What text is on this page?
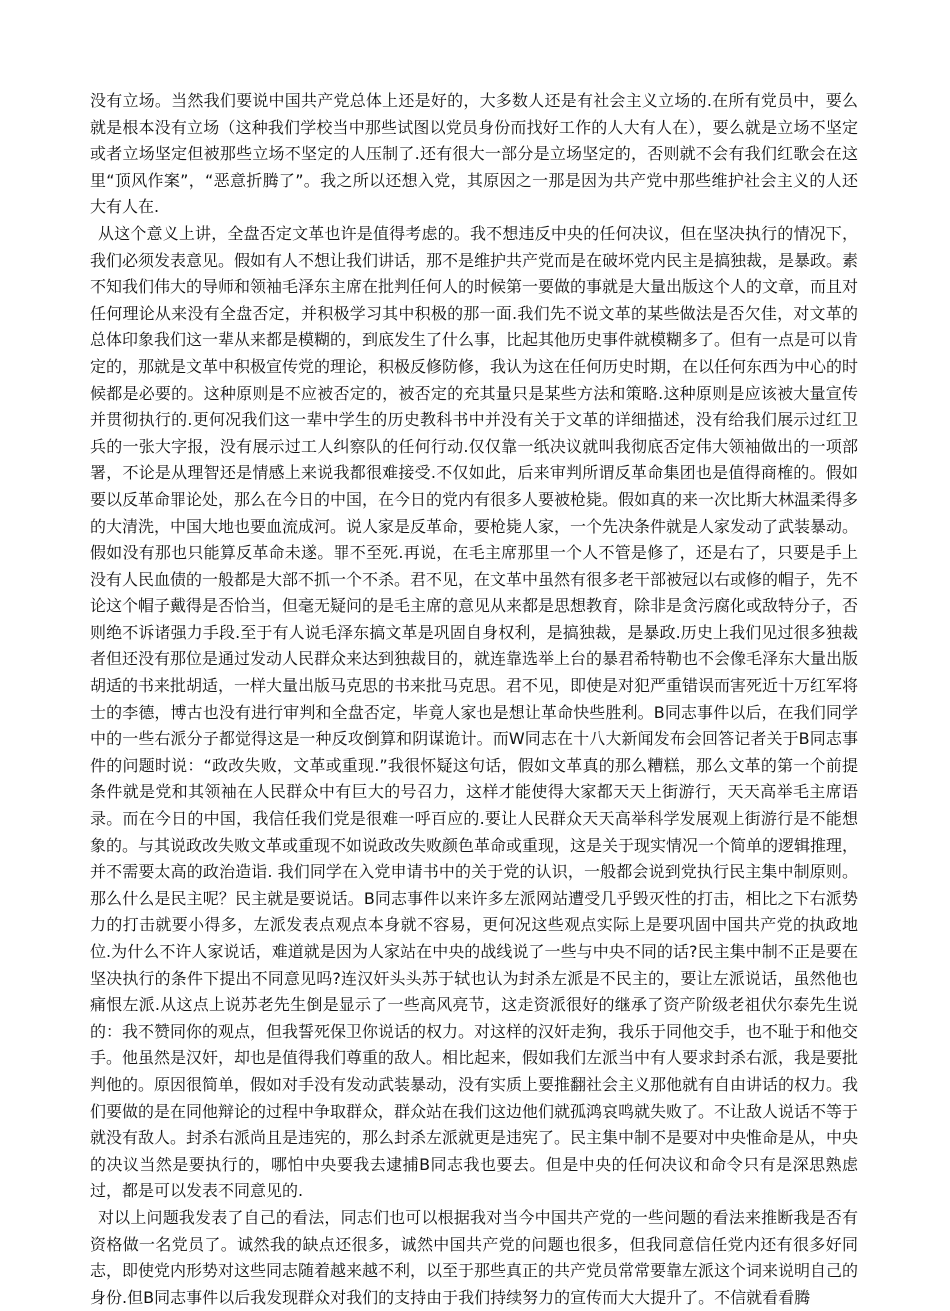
没有立场。当然我们要说中国共产党总体上还是好的，大多数人还是有社会主义立场的.在所有党员中，要么就是根本没有立场（这种我们学校当中那些试图以党员身份而找好工作的人大有人在），要么就是立场不坚定或者立场坚定但被那些立场不坚定的人压制了.还有很大一部分是立场坚定的，否则就不会有我们红歌会在这里“顶风作案”，“恶意折腾了”。我之所以还想入党，其原因之一那是因为共产党中那些维护社会主义的人还大有人在.

从这个意义上讲，全盘否定文革也许是值得考虑的。我不想违反中央的任何决议，但在坚决执行的情况下，我们必须发表意见。假如有人不想让我们讲话，那不是维护共产党而是在破坏党内民主是搞独裁，是暴政。素不知我们伟大的导师和领袖毛泽东主席在批判任何人的时候第一要做的事就是大量出版这个人的文章，而且对任何理论从来没有全盘否定，并积极学习其中积极的那一面.我们先不说文革的某些做法是否欠佳，对文革的总体印象我们这一辈从来都是模糊的，到底发生了什么事，比起其他历史事件就模糊多了。但有一点是可以肯定的，那就是文革中积极宣传党的理论，积极反修防修，我认为这在任何历史时期，在以任何东西为中心的时候都是必要的。这种原则是不应被否定的，被否定的充其量只是某些方法和策略.这种原则是应该被大量宣传并贯彻执行的.更何况我们这一辈中学生的历史教科书中并没有关于文革的详细描述，没有给我们展示过红卫兵的一张大字报，没有展示过工人纠察队的任何行动.仅仅靠一纸决议就叫我彻底否定伟大领袖做出的一项部署，不论是从理智还是情感上来说我都很难接受.不仅如此，后来审判所谓反革命集团也是值得商榷的。假如要以反革命罪论处，那么在今日的中国，在今日的党内有很多人要被枪毙。假如真的来一次比斯大林温柔得多的大清洗，中国大地也要血流成河。说人家是反革命，要枪毙人家，一个先决条件就是人家发动了武装暴动。假如没有那也只能算反革命未遂。罪不至死.再说，在毛主席那里一个人不管是修了，还是右了，只要是手上没有人民血债的一般都是大部不抓一个不杀。君不见，在文革中虽然有很多老干部被冠以右或修的帽子，先不论这个帽子戴得是否恰当，但毫无疑问的是毛主席的意见从来都是思想教育，除非是贪污腐化或敌特分子，否则绝不诉诸强力手段.至于有人说毛泽东搞文革是巩固自身权利，是搞独裁，是暴政.历史上我们见过很多独裁者但还没有那位是通过发动人民群众来达到独裁目的，就连靠选举上台的暴君希特勒也不会像毛泽东大量出版胡适的书来批胡适，一样大量出版马克思的书来批马克思。君不见，即使是对犯严重错误而害死近十万红军将士的李德，博古也没有进行审判和全盘否定，毕竟人家也是想让革命快些胜利。B同志事件以后，在我们同学中的一些右派分子都觉得这是一种反攻倒算和阴谋诡计。而W同志在十八大新闻发布会回答记者关于B同志事件的问题时说：“政改失败，文革或重现.”我很怀疑这句话，假如文革真的那么糟糕，那么文革的第一个前提条件就是党和其领袖在人民群众中有巨大的号召力，这样才能使得大家都天天上街游行，天天高举毛主席语录。而在今日的中国，我信任我们党是很难一呼百应的.要让人民群众天天高举科学发展观上街游行是不能想象的。与其说政改失败文革或重现不如说政改失败颜色革命或重现，这是关于现实情况一个简单的逻辑推理，并不需要太高的政治造诣. 我们同学在入党申请书中的关于党的认识，一般都会说到党执行民主集中制原则。那么什么是民主呢？民主就是要说话。B同志事件以来许多左派网站遭受几乎毁灭性的打击，相比之下右派势力的打击就要小得多，左派发表点观点本身就不容易，更何况这些观点实际上是要巩固中国共产党的执政地位.为什么不许人家说话，难道就是因为人家站在中央的战线说了一些与中央不同的话?民主集中制不正是要在坚决执行的条件下提出不同意见吗?连汉奸头头苏于轼也认为封杀左派是不民主的，要让左派说话，虽然他也痛恨左派.从这点上说苏老先生倒是显示了一些高风亮节，这走资派很好的继承了资产阶级老祖伏尔泰先生说的：我不赞同你的观点，但我誓死保卫你说话的权力。对这样的汉奸走狗，我乐于同他交手，也不耻于和他交手。他虽然是汉奸，却也是值得我们尊重的敌人。相比起来，假如我们左派当中有人要求封杀右派，我是要批判他的。原因很简单，假如对手没有发动武装暴动，没有实质上要推翻社会主义那他就有自由讲话的权力。我们要做的是在同他辩论的过程中争取群众，群众站在我们这边他们就孤鸿哀鸣就失败了。不让敌人说话不等于就没有敌人。封杀右派尚且是违宪的，那么封杀左派就更是违宪了。民主集中制不是要对中央惟命是从，中央的决议当然是要执行的，哪怕中央要我去逮捕B同志我也要去。但是中央的任何决议和命令只有是深思熟虑过，都是可以发表不同意见的.

对以上问题我发表了自己的看法，同志们也可以根据我对当今中国共产党的一些问题的看法来推断我是否有资格做一名党员了。诚然我的缺点还很多，诚然中国共产党的问题也很多，但我同意信任党内还有很多好同志，即使党内形势对这些同志随着越来越不利，以至于那些真正的共产党员常常要靠左派这个词来说明自己的身份.但B同志事件以后我发现群众对我们的支持由于我们持续努力的宣传而大大提升了。不信就看看腾
